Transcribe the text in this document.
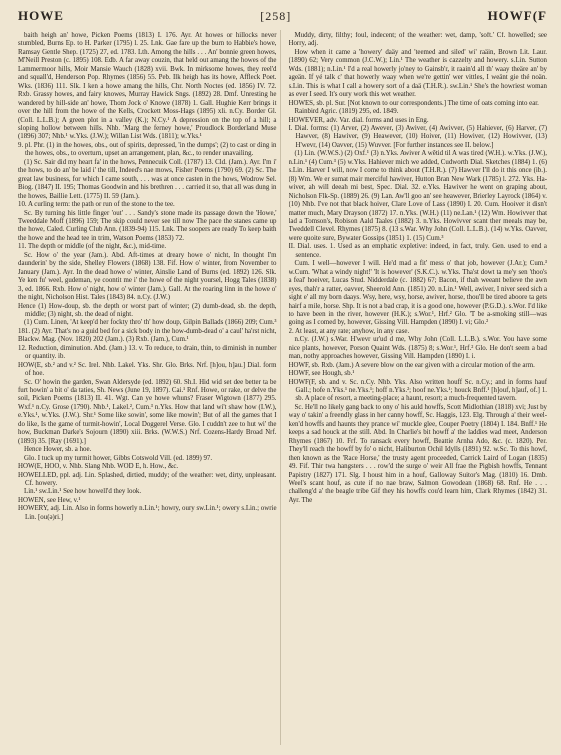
HOWE	[258]	HOWF(F

baith heigh an' howe, Picken Poems (1813) I. 176. Ayr. At howes or hillocks never stumbled, Burns Ep. to H. Parker (1795) l. 25. Lnk. Gae fare up the burn to Habbie's howe, Ramsay Gentle Shep. (1725) 27, ed. 1783. Lth. Among the hills . . . An' bonnie green howes, M'Neill Preston (c. 1895) 108. Edb. A far away couzin, that held out amang the howes of the Lammermoor hills, Moir Mansie Wauch (1828) xvii. Bwk. In mirksome howes, they reel'd and squall'd, Henderson Pop. Rhymes (1856) 55. Peb. Ilk heigh has its howe, Affleck Poet. Wks. (1836) 111. Slk. I ken a howe amang the hills, Chr. North Noctes (ed. 1856) IV. 72. Rxb. Grassy howes, and fairy knowes, Murray Hawick Sngs. (1892) 28. Dmf. Unresting he wandered by hill-side an' howe, Thom Jock o' Knowe (1878) 1. Gall. Hughie Kerr brings it over the hill from the howe of the Kells, Crockett Moss-Hags (1895) xli. n.Cy. Border Gl. (Coll. L.L.B.); A green plot in a valley (K.); N.Cy.¹ A depression on the top of a hill; a sloping hollow between hills. Nhb. 'Marg the ferney howe,' Proudlock Borderland Muse (1896) 307; Nhb.¹ w.Yks. (J.W.); Willan List Wds. (1811); w.Yks.¹

9. pl. Phr. (1) in the howes, obs., out of spirits, depressed, 'in the dumps'; (2) to cast or ding in the howes, obs., to overturn, upset an arrangement, plan, &c., to render unavailing.

(1) Sc. Sair did my heart fa' in the hows, Pennecuik Coll. (1787) 13. Cld. (Jam.). Ayr. I'm i' the hows, to do an' be laid i' the till, Indeed's nae mows, Fisher Poems (1790) 69. (2) Sc. The great law business, for which I came south, . . . was at once casten in the hows, Wodrow Sel. Biog. (1847) II. 195; Thomas Goodwin and his brethren . . . carried it so, that all was dung in the howes, Baillie Lett. (1775) II. 59 (Jam.).

10. A curling term: the path or run of the stone to the tee.

Sc. By turning his little finger 'out' . . . Sandy's stone made its passage down the 'Howe,' Tweeddale Moff (1896) 159; The skip could never see till now The pace the stanes came up the howe, Caled. Curling Club Ann. (1839-94) 115. Lnk. The soopers are ready To keep baith the howe and the head tee in trim, Watson Poems (1853) 72.

11. The depth or middle (of the night, &c.), mid-time.

Sc. How o' the year (Jam.). Abd. Aft-times at dreary howe o' nicht, In thought I'm daunderin' by the side, Shelley Flowers (1868) 138. Fif. How o' winter, from November to January (Jam.). Ayr. In the dead howe o' winter, Ainslie Land of Burns (ed. 1892) 126. Slk. Ye ken fu' weel, gudeman, ye coontit me i' the howe of the night yoursel, Hogg Tales (1838) 3, ed. 1866. Rxb. How o' night, how o' winter (Jam.). Gall. At the roaring linn in the howe o' the night, Nicholson Hist. Tales (1843) 84. n.Cy. (J.W.)

Hence (1) How-doup, sb. the depth or worst part of winter; (2) dumb-dead, sb. the depth, middle; (3) night, sb. the dead of night.

(1) Cum. Linen, 'At keep'd her fockty thro' th' how doup, Gilpin Ballads (1866) 209; Cum.³ 181. (2) Ayr. That's no a guid bed for a sick body in the how-dumb-dead o' a caul' ha'rst nicht, Blackw. Mag. (Nov. 1820) 202 (Jam.). (3) Rxb. (Jam.), Cum.¹

12. Reduction, diminution. Abd. (Jam.) 13. v. To reduce, to drain, thin, to diminish in number or quantity. ib.

HOW(E, sb.² and v.² Sc. Irel. Nhb. Lakel. Yks. Shr. Glo. Brks. Nrf. [h]ou, h]au.] Dial. form of hoe.

Sc. O' howin the garden, Swan Aldersyde (ed. 1892) 60. Sh.I. Hid wid set dee better ta be furt howin' a bit o' da taties, Sh. News (June 19, 1897). Cai.¹ Rnf. Howe, or rake, or delve the soil, Picken Poems (1813) II. 41. Wgt. Can ye howe whuns? Fraser Wigtown (1877) 295. Wxf.¹ n.Cy. Grose (1790). Nhb.¹, Lakel.², Cum.³ n.Yks. How that land wi't shaw how (I.W.), e.Yks.¹, w.Yks. (J.W.). Shr.¹ Some like sowin', some like mowin'; But of all the games that I do like, Is the game of turmit-howin', Local Doggerel Verse. Glo. I cuddn't zee to hut wi' the how, Buckman Darke's Sojourn (1890) xiii. Brks. (W.W.S.) Nrf. Cozens-Hardy Broad Nrf. (1893) 35. [Ray (1691).]

Hence Hower, sb. a hoe.

Glo. I tuck up my turmit hower, Gibbs Cotswold Vill. (ed. 1899) 97.

HOW(E, HOO, v. Nhb. Slang Nhb. WOD E, h. How., &c.

HOWELLED, ppl. adj. Lin. Splashed, dirtied, muddy; of the weather: wet, dirty, unpleasant. Cf. howery.

Lin.¹ sw.Lin.¹ See how howell'd they look.

HOWEN, see Hew, v.¹

HOWERY, adj. Lin. Also in forms howerly n.Lin.¹; howry, oury sw.Lin.¹; owery s.Lin.; owrie Lin. [ou(ə)ri.]

Muddy, dirty, filthy; foul, indecent; of the weather: wet, damp, 'soft.' Cf. howelled; see Horry, adj.

How when it came a 'howery' daäy and 'teemed and siled' wi' raäin, Brown Lit. Laur. (1890) 62; Very common (J.C.W.); Lin.¹ The weather is cazzelty and howery. s.Lin. Sutton Wds. (1881); n.Lin.¹ I'd a real howerly jo'ney to Gainsb'r, it raain'd all th' waay theäre an' by ageän. If yé talk c' that howerly waay when we're gettin' wer vittles, I weänt gie thé noän. s.Lin. This is what I call a howery sort of a daä (T.H.R.). sw.Lin.¹ She's the howriest woman as ever I seed. It's oury work this wet weather.

HOWES, sb. pl. Sur. [Not known to our correspondents.] The time of oats coming into ear.

Rainbird Agric. (1819) 295, ed. 1849.

HOWEVER, adv. Var. dial. forms and uses in Eng.

I. Dial. forms: (1) Arver, (2) Awever, (3) Awiver, (4) Awivver, (5) Hahiever, (6) Harver, (7) Hawver, (8) Hawiver, (9) Heawever, (10) Hoiver, (11) Howiver, (12) Howivver, (13) H'wevr, (14) Oavver, (15) Wuvver. [For further instances see II. below.]

(1) Lin. (W.W.S.) (2) Oxf.¹ (3) n.Yks. Awiver A wêtid til A was tired (W.H.). w.Yks. (J.W.), n.Lin.¹ (4) Cum.³ (5) w.Yks. Hahiever mich we added, Cudworth Dial. Sketches (1884) 1. (6) s.Lin. Harver I will, now I come to think about (T.H.R.). (7) Hawver I'll do it this once (ib.). (8) Wm. We er sumat mair merciful hawiver, Hutton Bran New Wark (1785) l. 272. Yks. Ha-wiver, ah will deeah mi best, Spec. Dial. 32. e.Yks. Hawiver he went on graping about, Nicholson Flk-Sp. (1889) 26. (9) Lan. Aw'll goo an' see heawever, Brierley Layrock (1864) v. (10) Nhb. I've not that black hoiver, Clare Love of Lass (1890) I. 20. Cum. Hooiver it disn't matter much, Mary Drayson (1872) 17. n.Yks. (W.H.) (11) ne.Lan.¹ (12) Wm. Howivver that lad a Tomson's, Robison Aald Taales (1882) 3. n.Yks. Howivver scant ther meeals may be, Tweddell Clevel. Rhymes (1875) 8. (13 s.War. Why John (Coll. L.L.B.). (14) w.Yks. Oavver, were quoite sure, Bywater Gossips (1851) 1. (15) Cum.³

II. Dial. uses. 1. Used as an emphatic expletive: indeed, in fact, truly. Gen. used to end a sentence.

Cum. I well—however I will. He'd mad a fit' mess o' that job, however (J.Ar.); Cum.³ w.Cum. 'What a windy night!' 'It is however' (S.K.C.). w.Yks. Tha'st dowt ta me'y sen 'thoo's a feal' hoeiver, Lucas Stud. Nidderdale (c. 1882) 67; Bacon, if thah weeant believe the awn eyes, thah'r a ratter, oavver, Sheerold Ann. (1851) 20. n.Lin.¹ Well, awiver, I niver seed sich a sight e' all my born daays. Wsy, here, wsy, horse, awiver, horse, thou'll be tired aboore ta gets hairf a mile, horse. Shp. It is not a bad crap, it is a good one, however (P.G.D.). s.Wor. I'd like to have been in the river, however (H.K.); s.Wor.¹, Hrf.² Glo. 'T be a-smoking still—was going as I comed by, however, Gissing Vill. Hampden (1890) I. vi; Glo.²

2. At least, at any rate; anyhow, in any case.

n.Cy. (J.W.) s.War. H'wevr ur'ud d me, Why John (Coll. L.L.B.). s.Wor. You have some nice plants, however, Porson Quaint Wds. (1875) 8; s.Wor.¹, Hrf.² Glo. He don't seem a bad man, nothy approaches however, Gissing Vill. Hampden (1890) I. i.

HOWF, sb. Rxb. (Jam.) A severe blow on the ear given with a circular motion of the arm.

HOWF, see Hough, sb.¹

HOWF(F, sb. and v. Sc. n.Cy. Nhb. Yks. Also written houff Sc. n.Cy.; and in forms hauf Gall.; hofe n.Yks.¹ ne.Yks.¹; hoff n.Yks.²; hoof ne.Yks.¹; houck Bnff.¹ [h]ouf, h]auf, of.] 1. sb. A place of resort, a meeting-place; a haunt, resort; a much-frequented tavern.

Sc. He'll no likely gang back to ony o' his auld howffs, Scott Midlothian (1818) xvi; Just by way o' takin' a freendly glass in her canny howff, Sc. Haggis, 123. Elg. Through a' their weel-ken'd howffs and haunts they prance wi' muckle glee, Couper Poetry (1804) I. 184. Bnff.¹ He keeps a sad houck at the still. Abd. In Charlie's bit howff a' the laddies wad meet, Anderson Rhymes (1867) 10. Frf. To ransack every howff, Beattie Arnha Ado, &c. (c. 1820). Per. They'll reach the howff by fo' o nicht, Haliburton Ochil Idylls (1891) 92. w.Sc. To this howf, then known as the 'Race Horse,' the trusty agent proceeded, Carrick Laird of Logan (1835) 49. Fif. Thir twa hangsters . . . row'd the surge o' weir All frae the Pigbish howffs, Tennant Papistry (1827) 171. Slg. I houst him in a houf, Galloway Suitor's Mag. (1810) 16. Dmb. Weel's scant houf, as cute if no nae braw, Salmon Gowodean (1868) 68. Rnf. He . . . challeng'd a' the beagle tribe Gif they his howffs cou'd learn him, Clark Rhymes (1842) 31. Ayr. The
